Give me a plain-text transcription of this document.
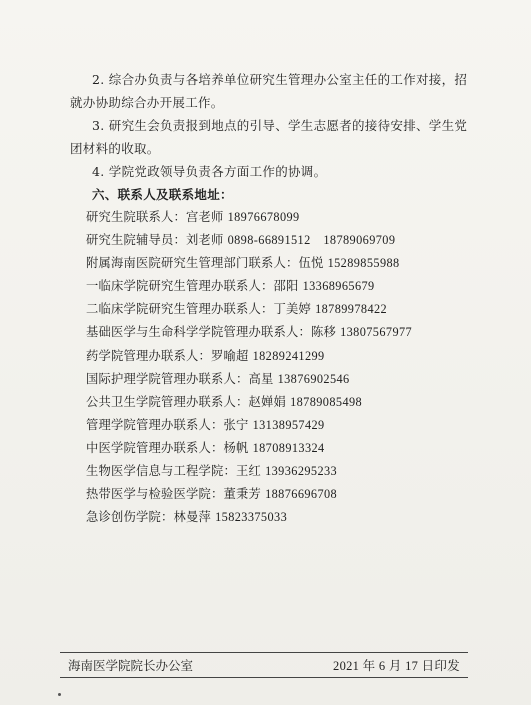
2. 综合办负责与各培养单位研究生管理办公室主任的工作对接，招就办协助综合办开展工作。

3. 研究生会负责报到地点的引导、学生志愿者的接待安排、学生党团材料的收取。

4. 学院党政领导负责各方面工作的协调。

六、联系人及联系地址：

研究生院联系人：宫老师 18976678099
研究生院辅导员：刘老师 0898-66891512　18789069709
附属海南医院研究生管理部门联系人：伍悦 15289855988
一临床学院研究生管理办联系人：邵阳 13368965679
二临床学院研究生管理办联系人：丁美婷 18789978422
基础医学与生命科学学院管理办联系人：陈移 13807567977
药学院管理办联系人：罗喻超 18289241299
国际护理学院管理办联系人：高星 13876902546
公共卫生学院管理办联系人：赵婵娟 18789085498
管理学院管理办联系人：张宁 13138957429
中医学院管理办联系人：杨帆 18708913324
生物医学信息与工程学院：王红 13936295233
热带医学与检验医学院：董秉芳 18876696708
急诊创伤学院：林曼萍 15823375033
海南医学院院长办公室	2021 年 6 月 17 日印发
